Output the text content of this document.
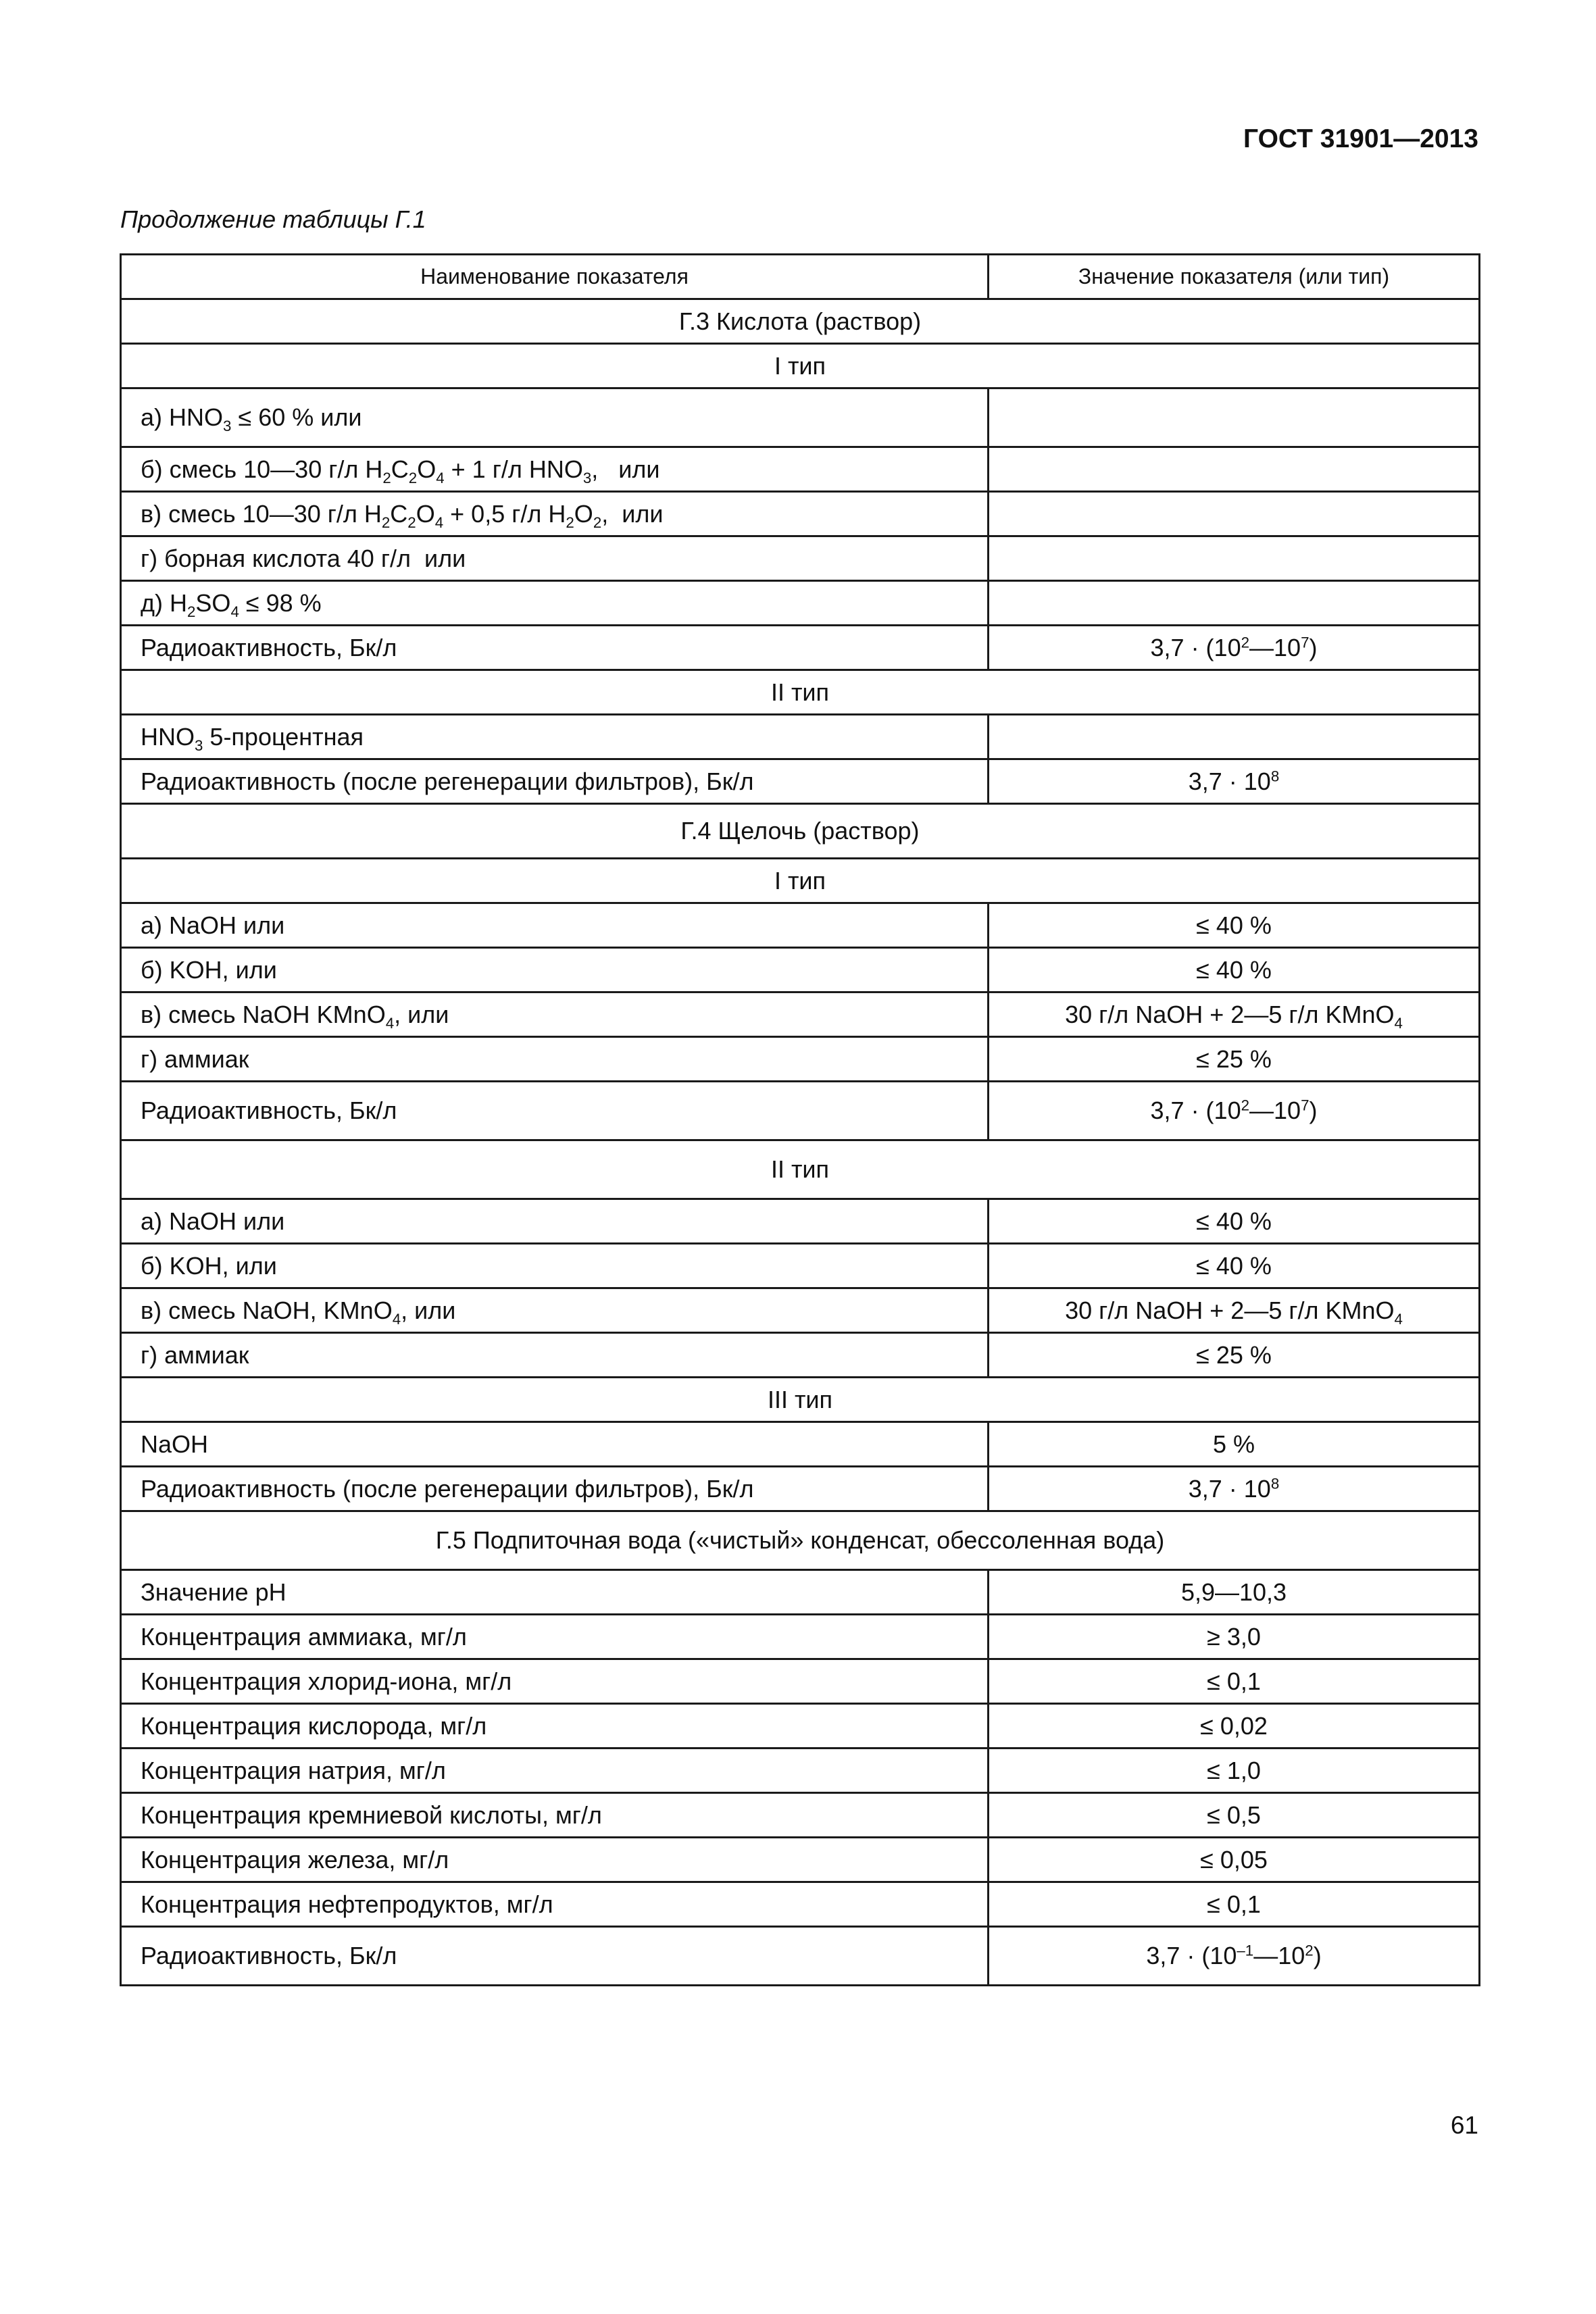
ГОСТ 31901—2013
Продолжение таблицы Г.1
Наименование показателя	Значение показателя (или тип)
Г.3 Кислота (раствор)	
I тип	
а) $HNO_3 \le 60$ % или	
б) смесь 10—30 г/л $H_2C_2O_4 + 1$ г/л $HNO_3$,   или	
в) смесь 10—30 г/л $H_2C_2O_4 + 0,5$ г/л $H_2O_2$,  или	
г) борная кислота 40 г/л  или	
д) $H_2SO_4 \le 98$ %	
Радиоактивность, Бк/л	$3,7 \cdot (10^2—10^7)$
II тип	
$HNO_3$ 5-процентная	
Радиоактивность (после регенерации фильтров), Бк/л	$3,7 \cdot 10^8$
Г.4 Щелочь (раствор)	
I тип	
а) NaOH или	≤ 40 %
б) KOH, или	≤ 40 %
в) смесь NaOH KMnO$_4$, или	30 г/л NaOH + 2—5 г/л KMnO$_4$
г) аммиак	≤ 25 %
Радиоактивность, Бк/л	$3,7 \cdot (10^2—10^7)$
II тип	
а) NaOH или	≤ 40 %
б) KOH, или	≤ 40 %
в) смесь NaOH, KMnO$_4$, или	30 г/л NaOH + 2—5 г/л KMnO$_4$
г) аммиак	≤ 25 %
III тип	
NaOH	5 %
Радиоактивность (после регенерации фильтров), Бк/л	$3,7 \cdot 10^8$
Г.5 Подпиточная вода («чистый» конденсат, обессоленная вода)	
Значение pH	5,9—10,3
Концентрация аммиака, мг/л	≥ 3,0
Концентрация хлорид-иона, мг/л	≤ 0,1
Концентрация кислорода, мг/л	≤ 0,02
Концентрация натрия, мг/л	≤ 1,0
Концентрация кремниевой кислоты, мг/л	≤ 0,5
Концентрация железа, мг/л	≤ 0,05
Концентрация нефтепродуктов, мг/л	≤ 0,1
Радиоактивность, Бк/л	$3,7 \cdot (10^{-1}—10^2)$
61
